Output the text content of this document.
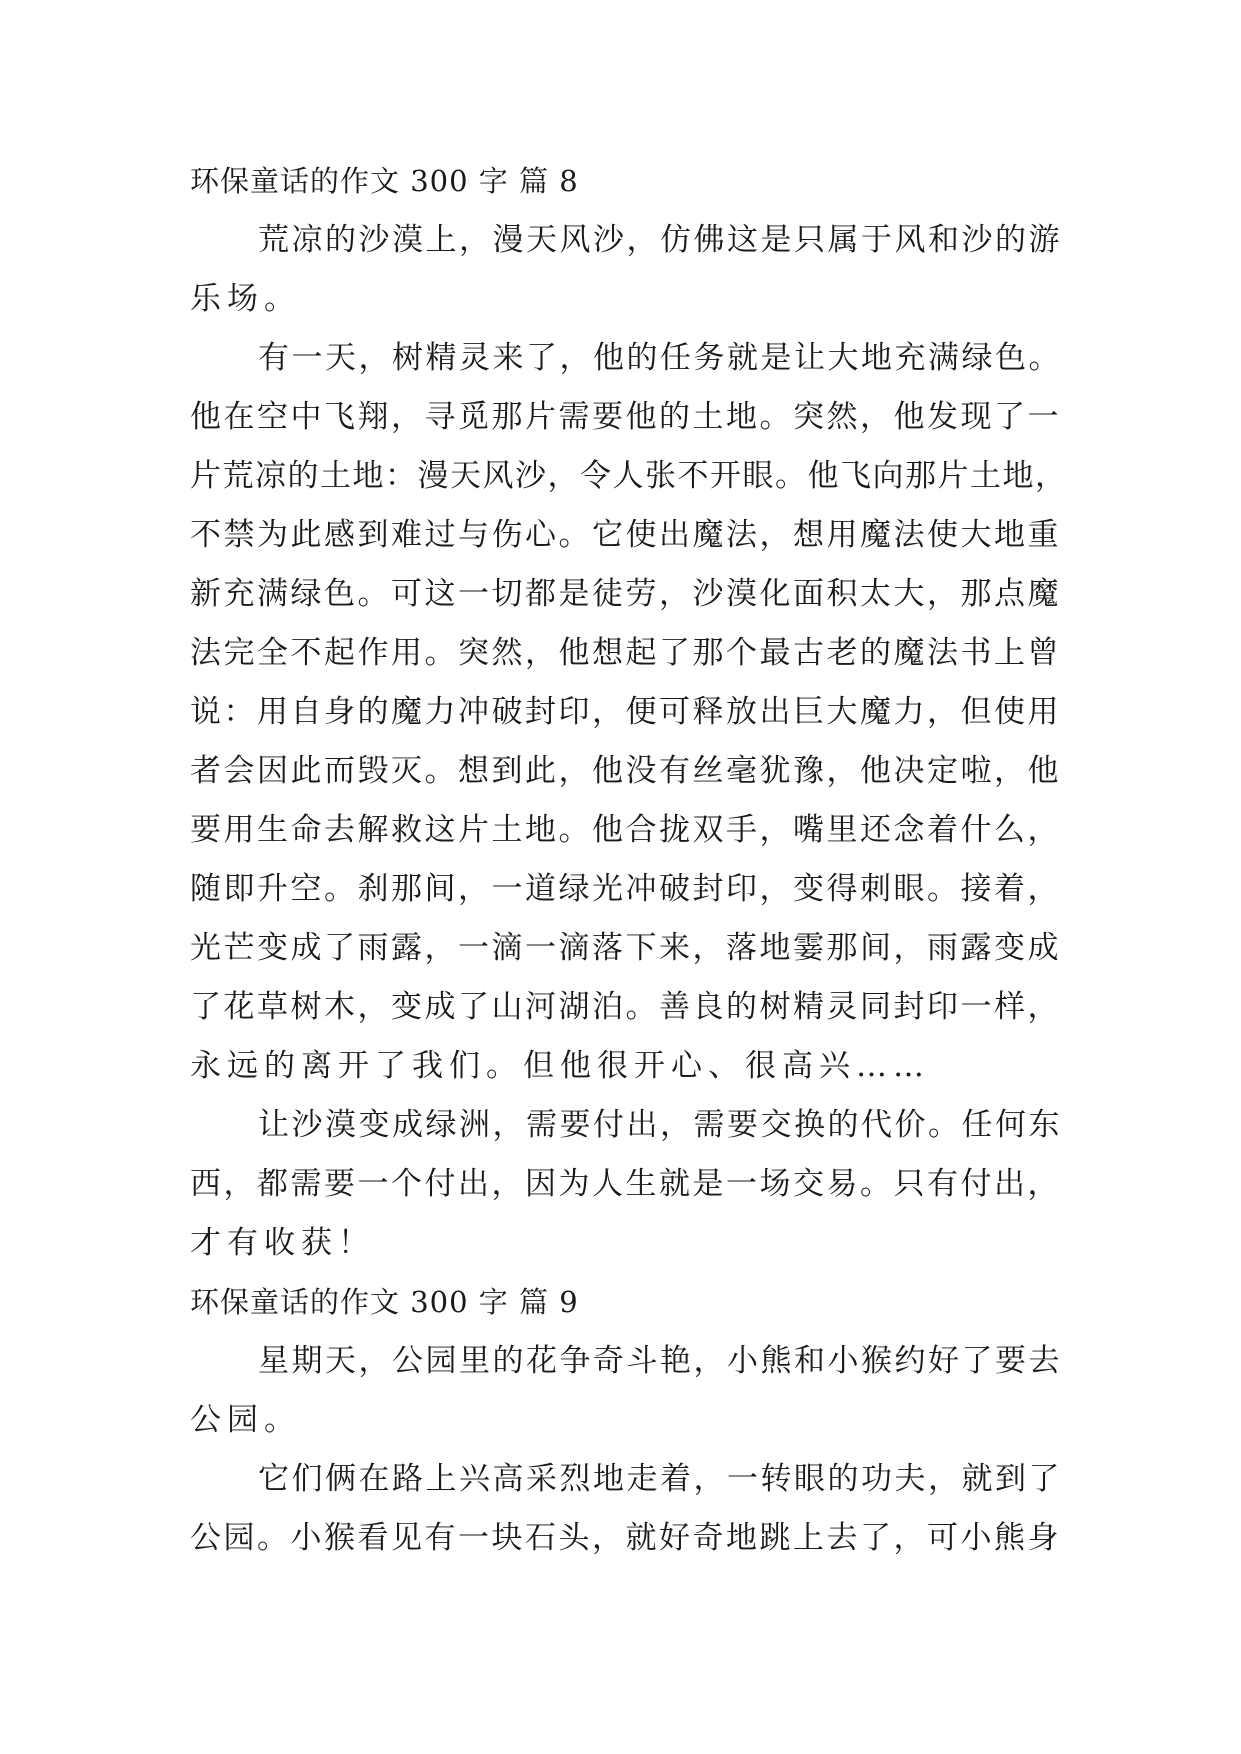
环保童话的作文 300 字 篇 8
荒凉的沙漠上，漫天风沙，仿佛这是只属于风和沙的游
乐场。
有一天，树精灵来了，他的任务就是让大地充满绿色。
他在空中飞翔，寻觅那片需要他的土地。突然，他发现了一
片荒凉的土地：漫天风沙，令人张不开眼。他飞向那片土地，
不禁为此感到难过与伤心。它使出魔法，想用魔法使大地重
新充满绿色。可这一切都是徒劳，沙漠化面积太大，那点魔
法完全不起作用。突然，他想起了那个最古老的魔法书上曾
说：用自身的魔力冲破封印，便可释放出巨大魔力，但使用
者会因此而毁灭。想到此，他没有丝毫犹豫，他决定啦，他
要用生命去解救这片土地。他合拢双手，嘴里还念着什么，
随即升空。刹那间，一道绿光冲破封印，变得刺眼。接着，
光芒变成了雨露，一滴一滴落下来，落地霎那间，雨露变成
了花草树木，变成了山河湖泊。善良的树精灵同封印一样，
永远的离开了我们。但他很开心、很高兴……
让沙漠变成绿洲，需要付出，需要交换的代价。任何东
西，都需要一个付出，因为人生就是一场交易。只有付出，
才有收获！
环保童话的作文 300 字 篇 9
星期天，公园里的花争奇斗艳，小熊和小猴约好了要去
公园。
它们俩在路上兴高采烈地走着，一转眼的功夫，就到了
公园。小猴看见有一块石头，就好奇地跳上去了，可小熊身
